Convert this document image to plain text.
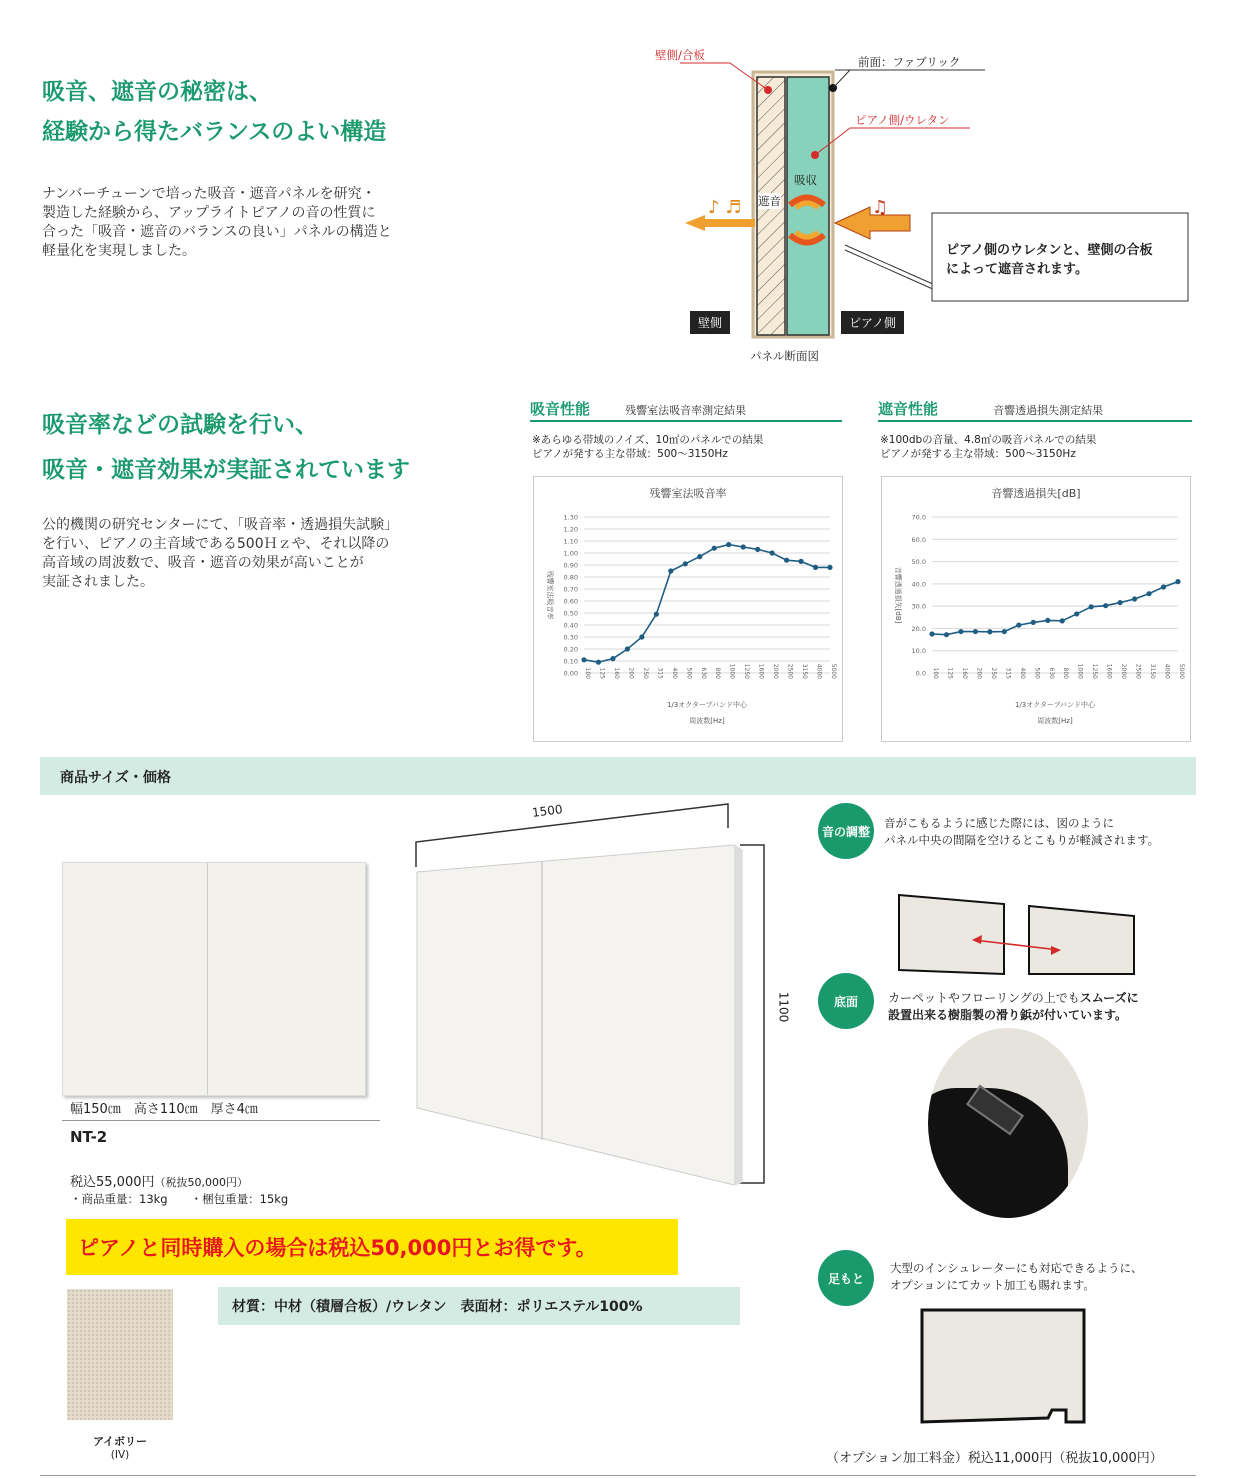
吸音、遮音の秘密は、
経験から得たバランスのよい構造
ナンバーチューンで培った吸音・遮音パネルを研究・
製造した経験から、アップライトピアノの音の性質に
合った「吸音・遮音のバランスの良い」パネルの構造と
軽量化を実現しました。
壁側/合板	前面：ファブリック
ピアノ側/ウレタン
吸収
遮音
♪ ♬	♫
ピアノ側のウレタンと、壁側の合板
によって遮音されます。
壁側	ピアノ側
パネル断面図
吸音率などの試験を行い、
吸音・遮音効果が実証されています
公的機関の研究センターにて、「吸音率・透過損失試験」
を行い、ピアノの主音域である500Ｈｚや、それ以降の
高音域の周波数で、吸音・遮音の効果が高いことが
実証されました。
吸音性能	残響室法吸音率測定結果
※あらゆる帯域のノイズ、10㎡のパネルでの結果
ピアノが発する主な帯域：500〜3150Hz
遮音性能	音響透過損失測定結果
※100dbの音量、4.8㎡の吸音パネルでの結果
ピアノが発する主な帯域：500〜3150Hz
残響室法吸音率
0.00
0.10
0.20
0.30
0.40
0.50
0.60
0.70
0.80
0.90
1.00
1.10
1.20
1.30
100 125 160 200 250 315 400 500 630 800 1000 1250 1600 2000 2500 3150 4000 5000
残響室法吸音率
1/3オクターブバンド中心
周波数[Hz]
音響透過損失[dB]
0.0
10.0
20.0
30.0
40.0
50.0
60.0
70.0
100 125 160 200 250 315 400 500 630 800 1000 1250 1600 2000 2500 3150 4000 5000
音響透過損失[dB]
1/3オクターブバンド中心
周波数[Hz]
商品サイズ・価格
幅150㎝　高さ110㎝　厚さ4㎝
NT-2
税込55,000円（税抜50,000円）
・商品重量：13kg　　・梱包重量：15kg
1500
1100
ピアノと同時購入の場合は税込50,000円とお得です。
アイボリー
(IV)
材質：中材（積層合板）/ウレタン　表面材：ポリエステル100%
音の調整
音がこもるように感じた際には、図のように
パネル中央の間隔を空けるとこもりが軽減されます。
底面	カーペットやフローリングの上でもスムーズに
設置出来る樹脂製の滑り鋲が付いています。
足もと
大型のインシュレーターにも対応できるように、
オプションにてカット加工も賜れます。
（オプション加工料金）税込11,000円（税抜10,000円）
